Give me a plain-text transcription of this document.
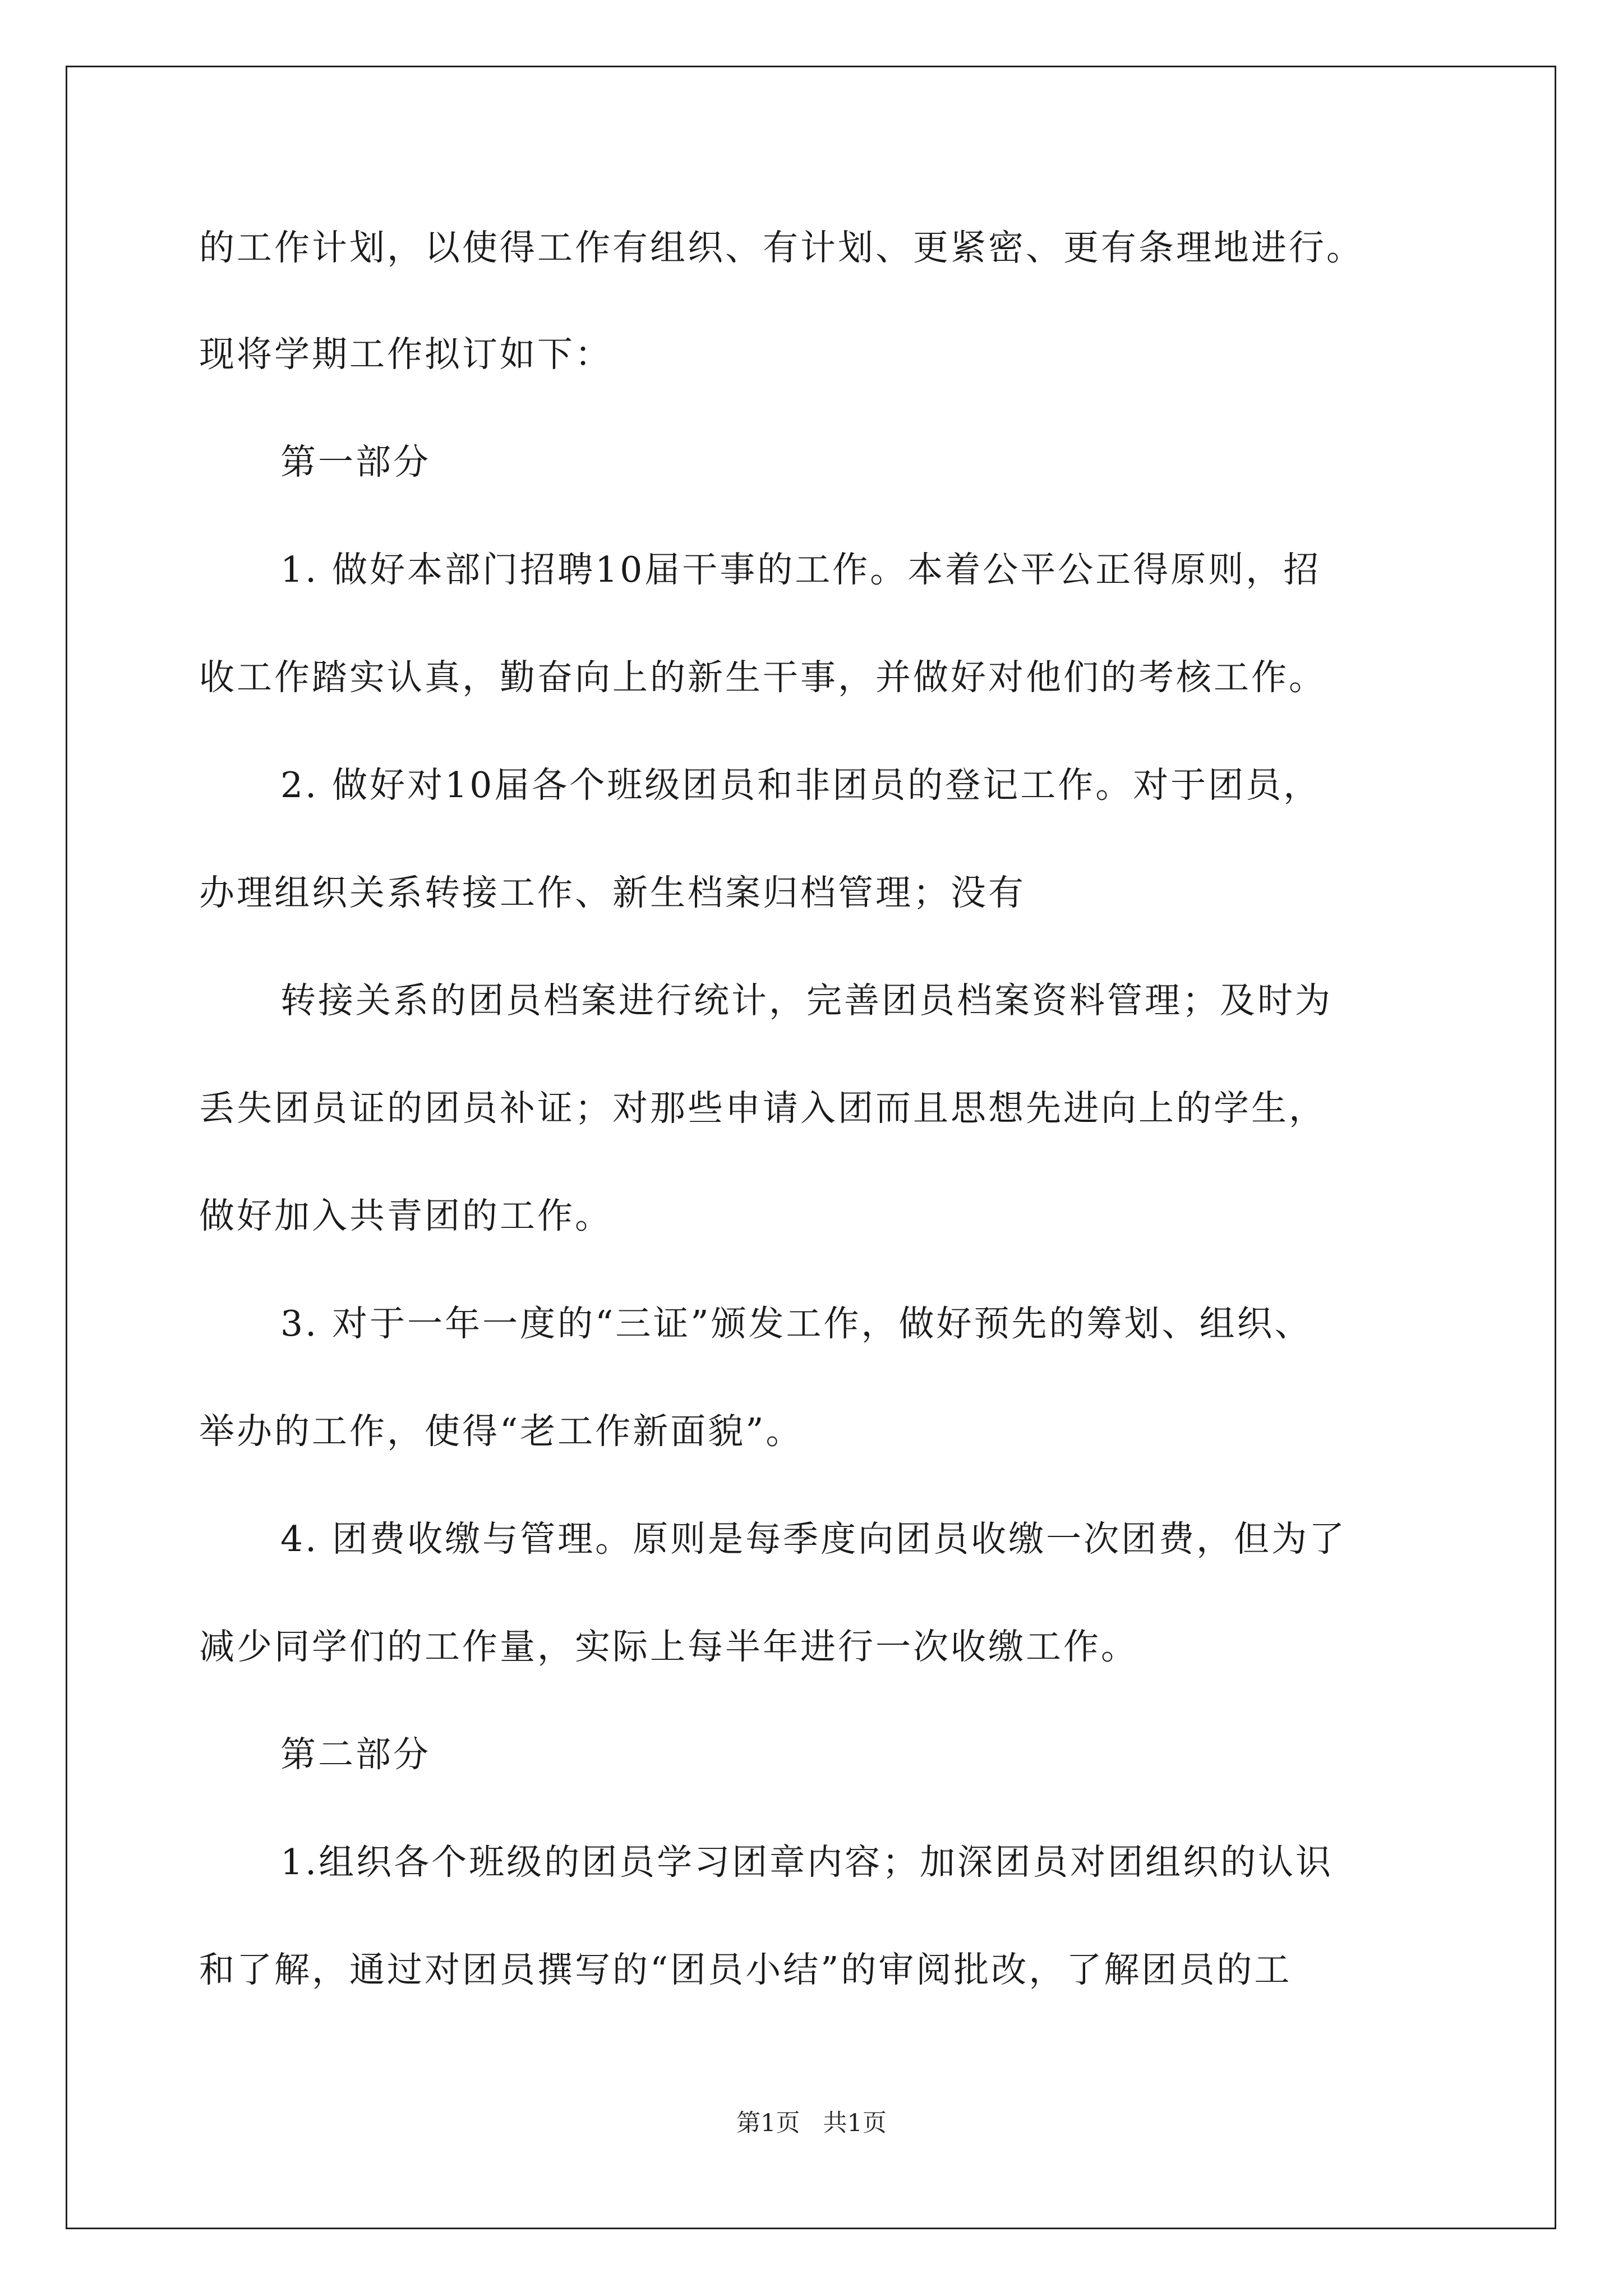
的工作计划，以使得工作有组织、有计划、更紧密、更有条理地进行。
现将学期工作拟订如下：
第一部分
1. 做好本部门招聘10届干事的工作。本着公平公正得原则，招
收工作踏实认真，勤奋向上的新生干事，并做好对他们的考核工作。
2. 做好对10届各个班级团员和非团员的登记工作。对于团员，
办理组织关系转接工作、新生档案归档管理；没有
转接关系的团员档案进行统计，完善团员档案资料管理；及时为
丢失团员证的团员补证；对那些申请入团而且思想先进向上的学生，
做好加入共青团的工作。
3. 对于一年一度的“三证”颁发工作，做好预先的筹划、组织、
举办的工作，使得“老工作新面貌”。
4. 团费收缴与管理。原则是每季度向团员收缴一次团费，但为了
减少同学们的工作量，实际上每半年进行一次收缴工作。
第二部分
1.组织各个班级的团员学习团章内容；加深团员对团组织的认识
和了解，通过对团员撰写的“团员小结”的审阅批改，了解团员的工
第1页   共1页
